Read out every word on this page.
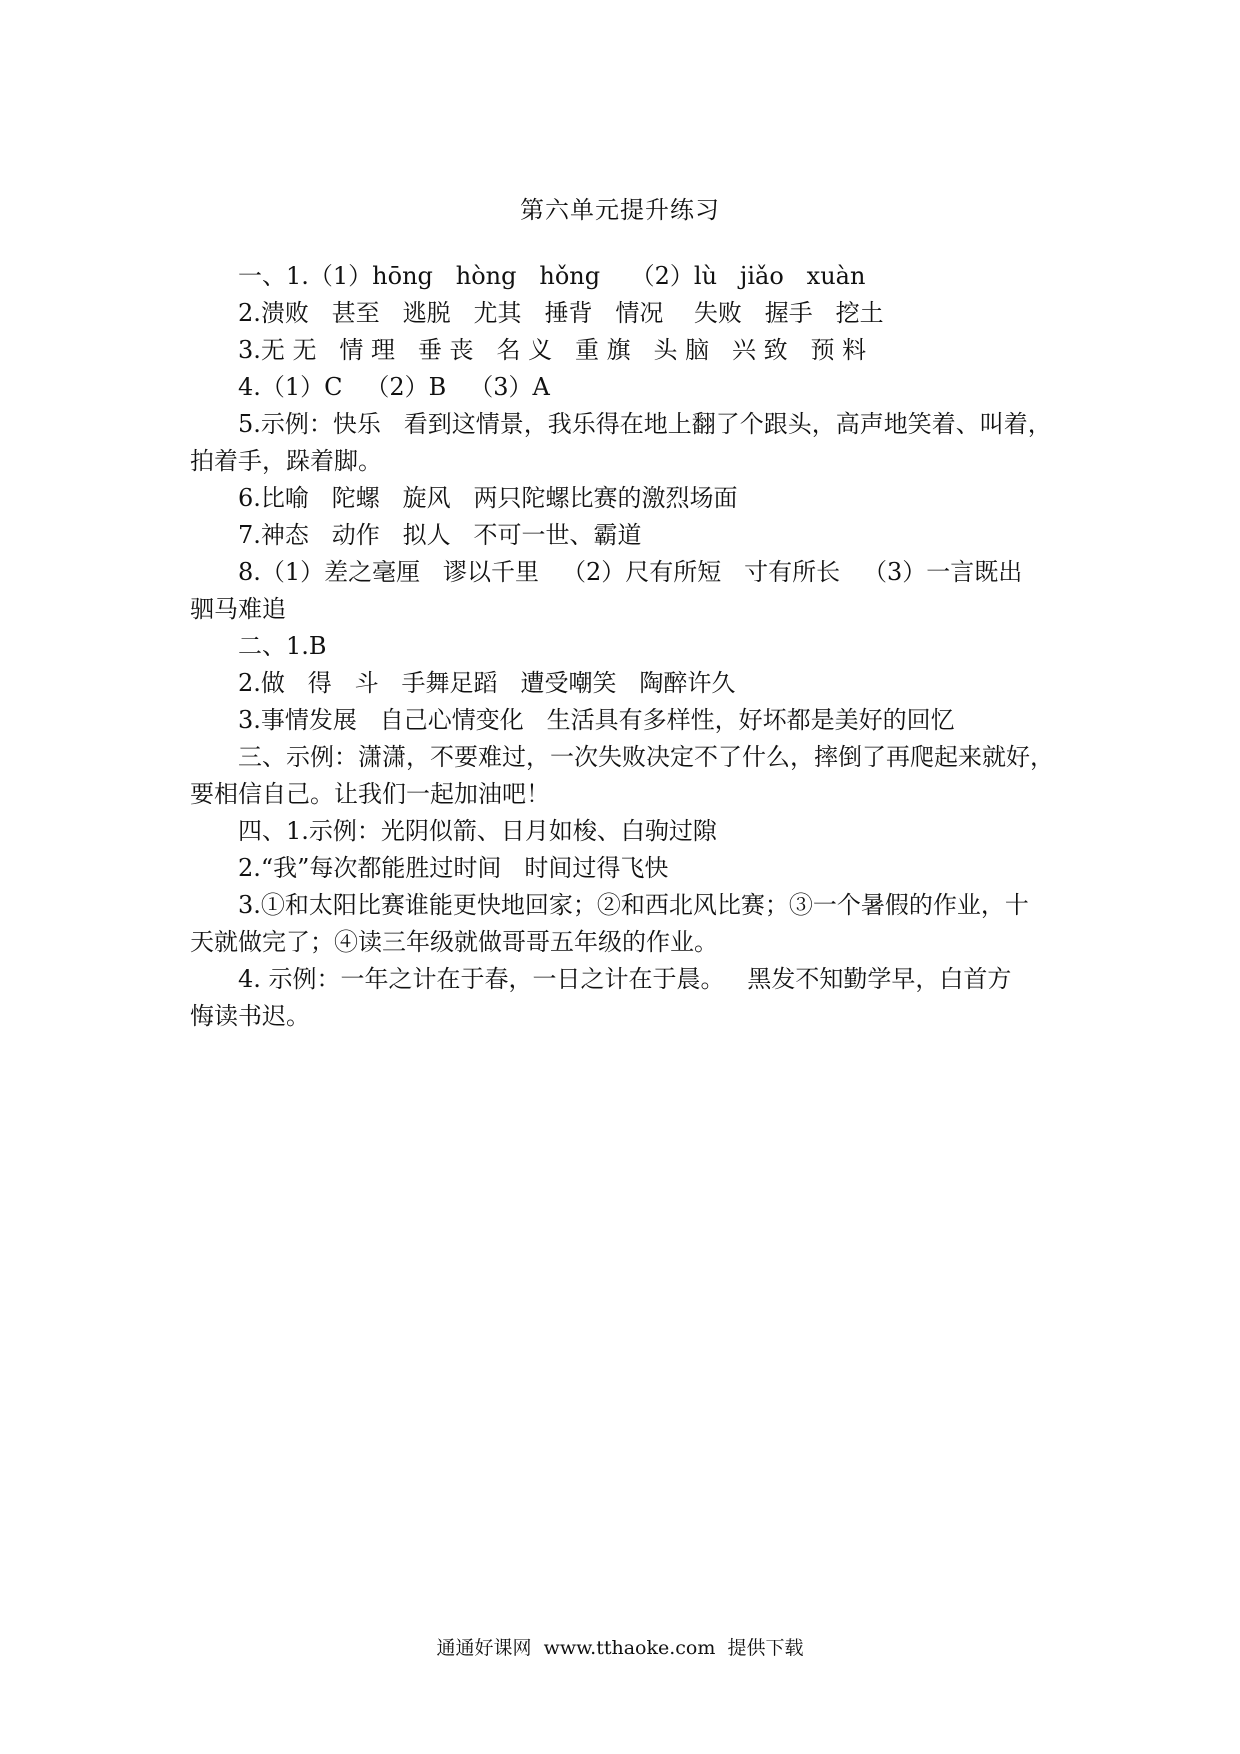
第六单元提升练习
一、1.（1）hōng   hòng   hǒng    （2）lù   jiǎo   xuàn
2.溃败   甚至   逃脱   尤其   捶背   情况    失败   握手   挖土
3.无 无   情 理   垂 丧   名 义   重 旗   头 脑   兴 致   预 料
4.（1）C   （2）B   （3）A
5.示例：快乐   看到这情景，我乐得在地上翻了个跟头，高声地笑着、叫着，
拍着手，跺着脚。
6.比喻   陀螺   旋风   两只陀螺比赛的激烈场面
7.神态   动作   拟人   不可一世、霸道
8.（1）差之毫厘   谬以千里   （2）尺有所短   寸有所长   （3）一言既出
驷马难追
二、1.B
2.做   得   斗   手舞足蹈   遭受嘲笑   陶醉许久
3.事情发展   自己心情变化   生活具有多样性，好坏都是美好的回忆
三、示例：潇潇，不要难过，一次失败决定不了什么，摔倒了再爬起来就好，
要相信自己。让我们一起加油吧！
四、1.示例：光阴似箭、日月如梭、白驹过隙
2.“我”每次都能胜过时间   时间过得飞快
3.①和太阳比赛谁能更快地回家；②和西北风比赛；③一个暑假的作业，十
天就做完了；④读三年级就做哥哥五年级的作业。
4. 示例：一年之计在于春，一日之计在于晨。   黑发不知勤学早，白首方
悔读书迟。
通通好课网  www.tthaoke.com  提供下载
